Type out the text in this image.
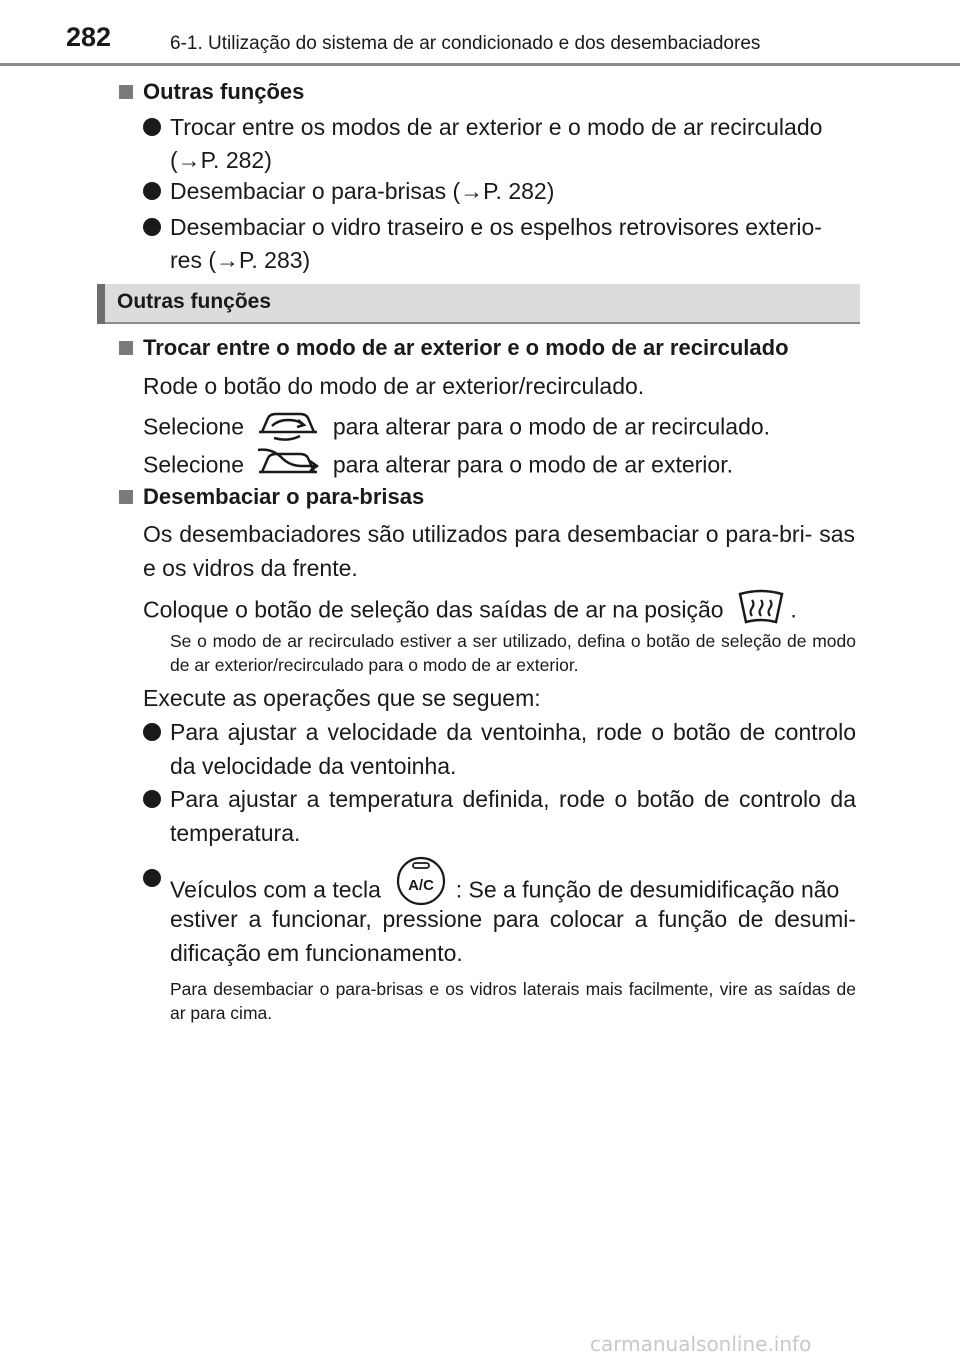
282	6-1. Utilização do sistema de ar condicionado e dos desembaciadores
Outras funções
Trocar entre os modos de ar exterior e o modo de ar recirculado
(→P. 282)
Desembaciar o para-brisas (→P. 282)
Desembaciar o vidro traseiro e os espelhos retrovisores exterio-
res (→P. 283)
Outras funções
Trocar entre o modo de ar exterior e o modo de ar recirculado
Rode o botão do modo de ar exterior/recirculado.
Selecione	para alterar para o modo de ar recirculado.
Selecione	para alterar para o modo de ar exterior.
Desembaciar o para-brisas
Os desembaciadores são utilizados para desembaciar o para-bri- sas e os vidros da frente.
Coloque o botão de seleção das saídas de ar na posição	.
Se o modo de ar recirculado estiver a ser utilizado, defina o botão de seleção de modo de ar exterior/recirculado para o modo de ar exterior.
Execute as operações que se seguem:
Para ajustar a velocidade da ventoinha, rode o botão de controlo da velocidade da ventoinha.
Para ajustar a temperatura definida, rode o botão de controlo da temperatura.
Veículos com a tecla A/C : Se a função de desumidificação não
estiver a funcionar, pressione para colocar a função de desumi- dificação em funcionamento.
Para desembaciar o para-brisas e os vidros laterais mais facilmente, vire as saídas de ar para cima.
carmanualsonline.info
